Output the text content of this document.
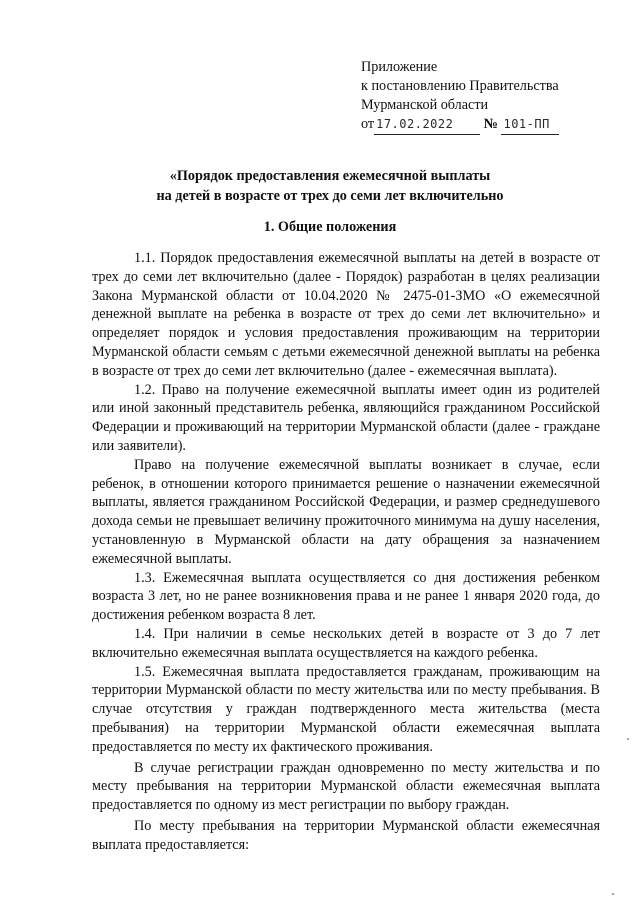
Приложение
к постановлению Правительства
Мурманской области
от 17.02.2022 № 101-ПП
«Порядок предоставления ежемесячной выплаты
на детей в возрасте от трех до семи лет включительно
1. Общие положения

1.1. Порядок предоставления ежемесячной выплаты на детей в возрасте от трех до семи лет включительно (далее - Порядок) разработан в целях реализации Закона Мурманской области от 10.04.2020 № 2475-01-ЗМО «О ежемесячной денежной выплате на ребенка в возрасте от трех до семи лет включительно» и определяет порядок и условия предоставления проживающим на территории Мурманской области семьям с детьми ежемесячной денежной выплаты на ребенка в возрасте от трех до семи лет включительно (далее - ежемесячная выплата).

1.2. Право на получение ежемесячной выплаты имеет один из родителей или иной законный представитель ребенка, являющийся гражданином Российской Федерации и проживающий на территории Мурманской области (далее - граждане или заявители).

Право на получение ежемесячной выплаты возникает в случае, если ребенок, в отношении которого принимается решение о назначении ежемесячной выплаты, является гражданином Российской Федерации, и размер среднедушевого дохода семьи не превышает величину прожиточного минимума на душу населения, установленную в Мурманской области на дату обращения за назначением ежемесячной выплаты.

1.3. Ежемесячная выплата осуществляется со дня достижения ребенком возраста 3 лет, но не ранее возникновения права и не ранее 1 января 2020 года, до достижения ребенком возраста 8 лет.

1.4. При наличии в семье нескольких детей в возрасте от 3 до 7 лет включительно ежемесячная выплата осуществляется на каждого ребенка.

1.5. Ежемесячная выплата предоставляется гражданам, проживающим на территории Мурманской области по месту жительства или по месту пребывания. В случае отсутствия у граждан подтвержденного места жительства (места пребывания) на территории Мурманской области ежемесячная выплата предоставляется по месту их фактического проживания.

В случае регистрации граждан одновременно по месту жительства и по месту пребывания на территории Мурманской области ежемесячная выплата предоставляется по одному из мест регистрации по выбору граждан.

По месту пребывания на территории Мурманской области ежемесячная выплата предоставляется:
